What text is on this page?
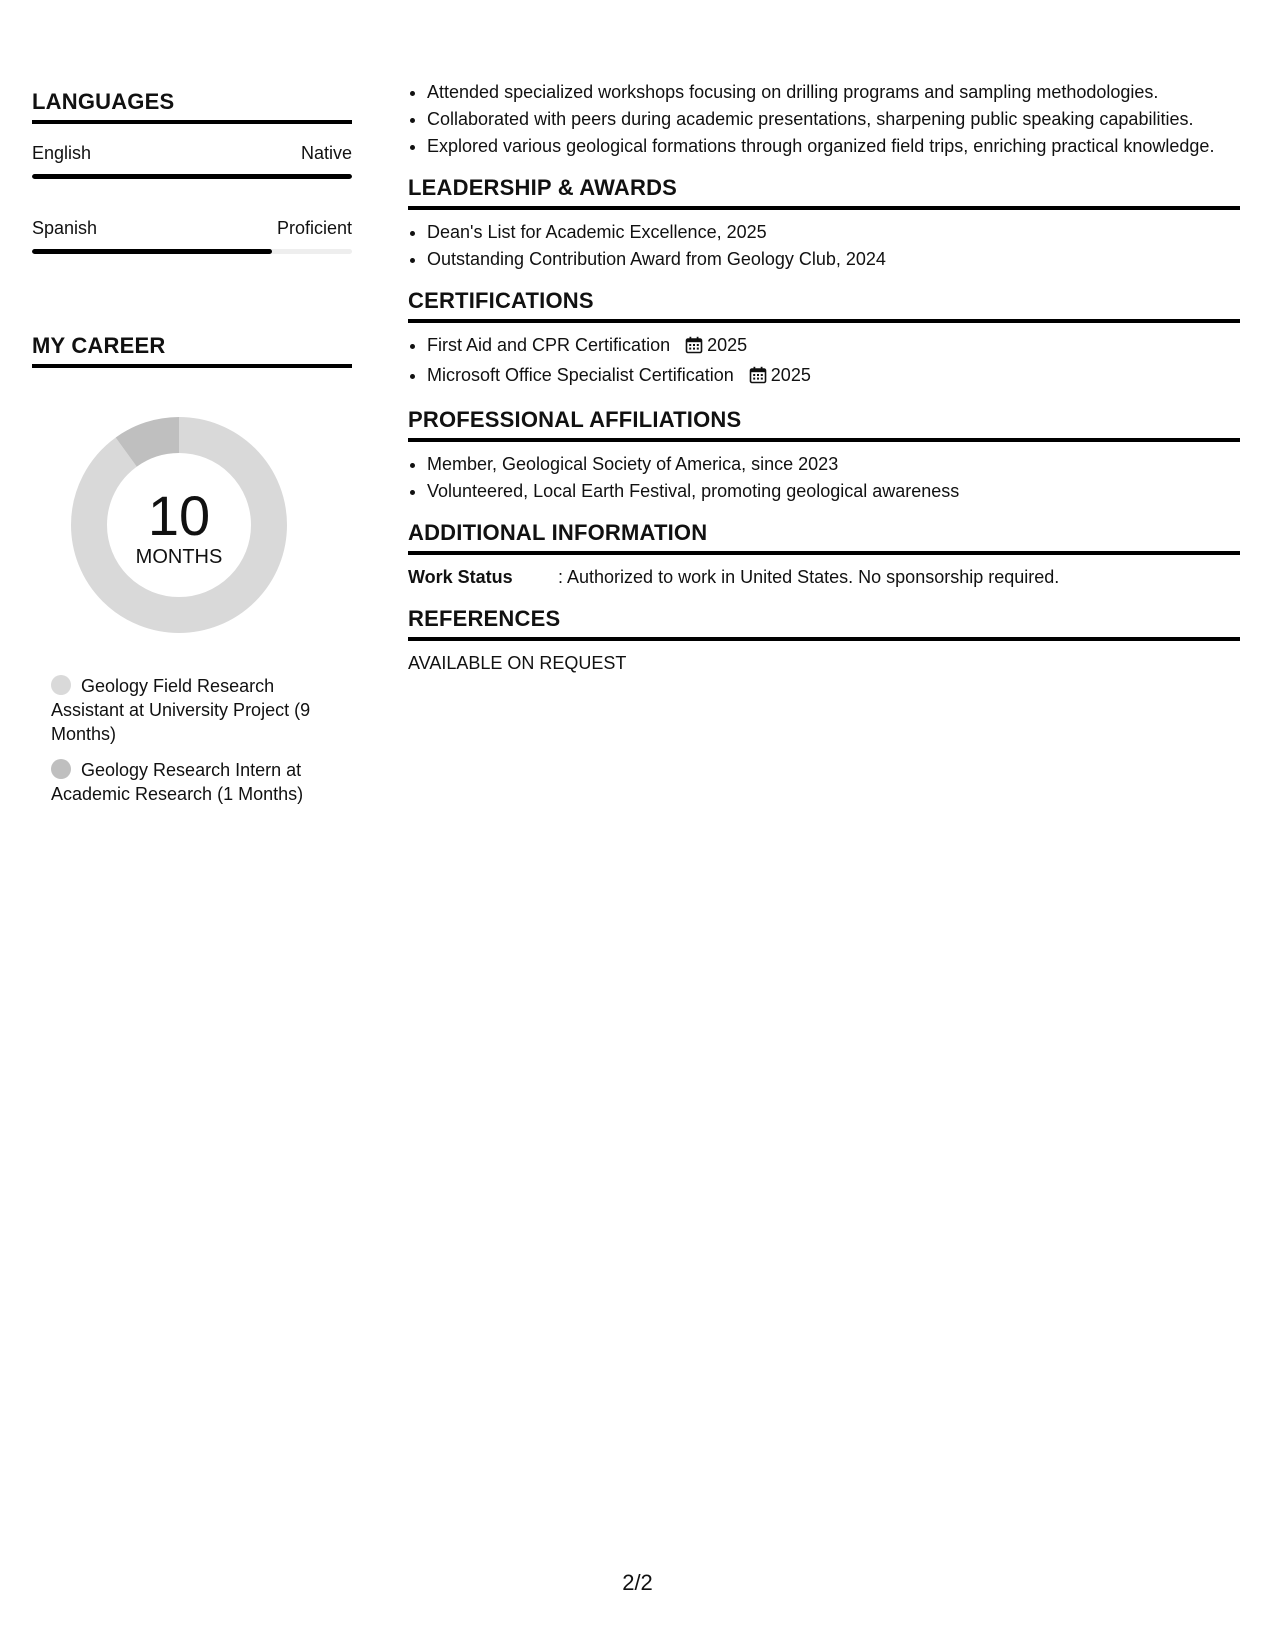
LANGUAGES
English	Native
Spanish	Proficient
MY CAREER
10
MONTHS
Geology Field Research Assistant at University Project (9 Months)
Geology Research Intern at Academic Research (1 Months)
• Attended specialized workshops focusing on drilling programs and sampling methodologies.
• Collaborated with peers during academic presentations, sharpening public speaking capabilities.
• Explored various geological formations through organized field trips, enriching practical knowledge.
LEADERSHIP & AWARDS
• Dean's List for Academic Excellence, 2025
• Outstanding Contribution Award from Geology Club, 2024
CERTIFICATIONS
• First Aid and CPR Certification 2025
• Microsoft Office Specialist Certification 2025
PROFESSIONAL AFFILIATIONS
• Member, Geological Society of America, since 2023
• Volunteered, Local Earth Festival, promoting geological awareness
ADDITIONAL INFORMATION
Work Status	: Authorized to work in United States. No sponsorship required.
REFERENCES
AVAILABLE ON REQUEST
2/2
